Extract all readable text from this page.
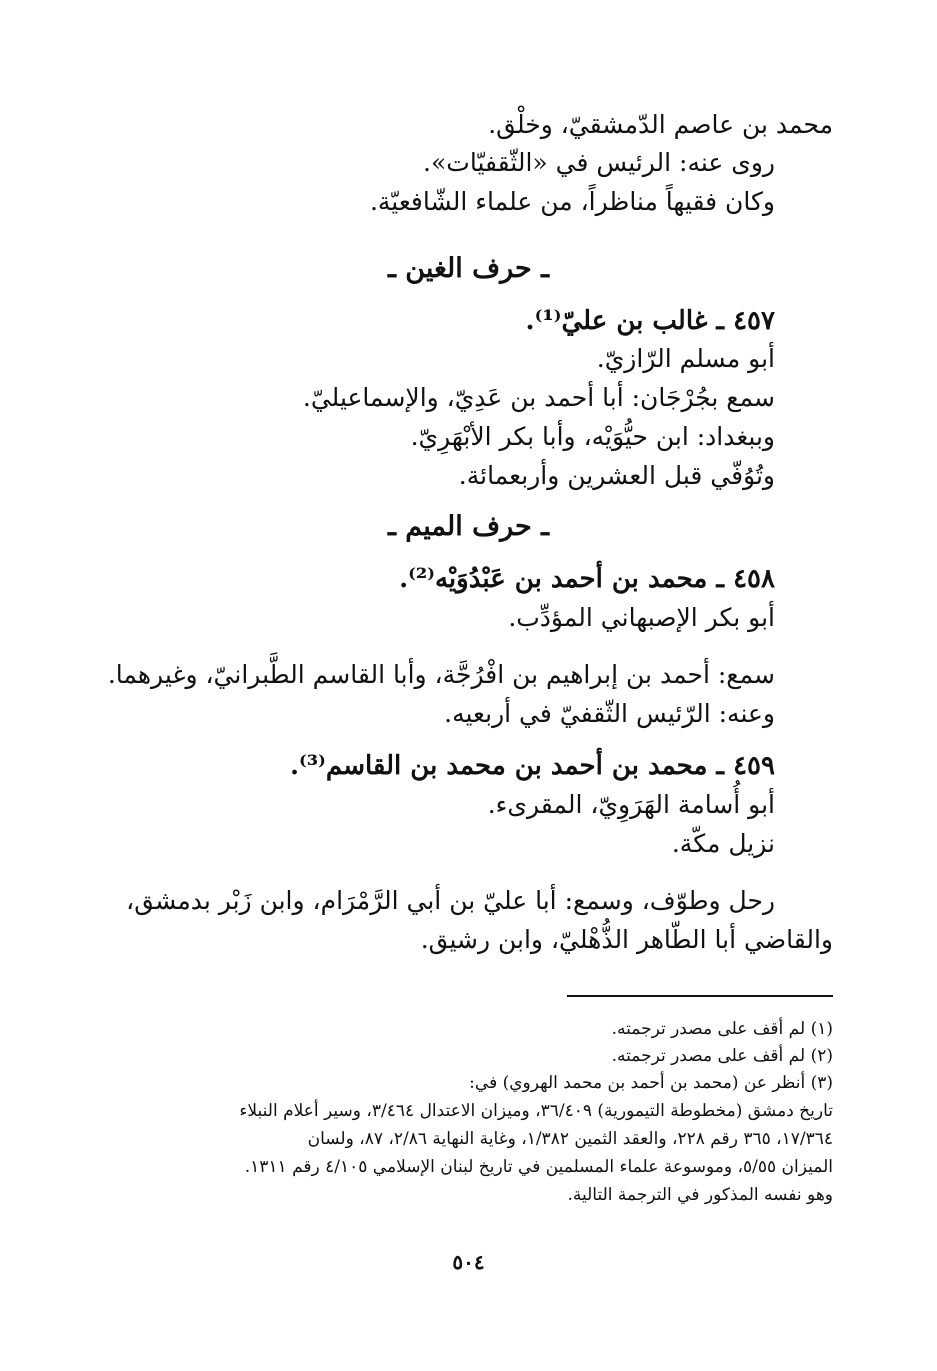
محمد بن عاصم الدّمشقيّ، وخلْق.

روى عنه: الرئيس في «الثّقفيّات».

وكان فقيهاً مناظراً، من علماء الشّافعيّة.

ـ حرف الغين ـ

٤٥٧ ـ غالب بن عليّ⁽¹⁾.

أبو مسلم الرّازيّ.

سمع بجُرْجَان: أبا أحمد بن عَدِيّ، والإسماعيليّ.

وببغداد: ابن حيُّوَيْه، وأبا بكر الأبْهَرِيّ.

وتُوُفّي قبل العشرين وأربعمائة.

ـ حرف الميم ـ

٤٥٨ ـ محمد بن أحمد بن عَبْدُوَيْه⁽²⁾.

أبو بكر الإصبهاني المؤدِّب.

سمع: أحمد بن إبراهيم بن افْرُجَّة، وأبا القاسم الطَّبرانيّ، وغيرهما.

وعنه: الرّئيس الثّقفيّ في أربعيه.

٤٥٩ ـ محمد بن أحمد بن محمد بن القاسم⁽³⁾.

أبو أُسامة الهَرَوِيّ، المقرىء.

نزيل مكّة.

رحل وطوّف، وسمع: أبا عليّ بن أبي الرَّمْرَام، وابن زَبْر بدمشق،

والقاضي أبا الطّاهر الذُّهْليّ، وابن رشيق.

(١) لم أقف على مصدر ترجمته.

(٢) لم أقف على مصدر ترجمته.

(٣) أنظر عن (محمد بن أحمد بن محمد الهروي) في:

تاريخ دمشق (مخطوطة التيمورية) ٣٦/٤٠٩، وميزان الاعتدال ٣/٤٦٤، وسير أعلام النبلاء

١٧/٣٦٤، ٣٦٥ رقم ٢٢٨، والعقد الثمين ١/٣٨٢، وغاية النهاية ٢/٨٦، ٨٧، ولسان

الميزان ٥/٥٥، وموسوعة علماء المسلمين في تاريخ لبنان الإسلامي ٤/١٠٥ رقم ١٣١١.

وهو نفسه المذكور في الترجمة التالية.

٥٠٤
